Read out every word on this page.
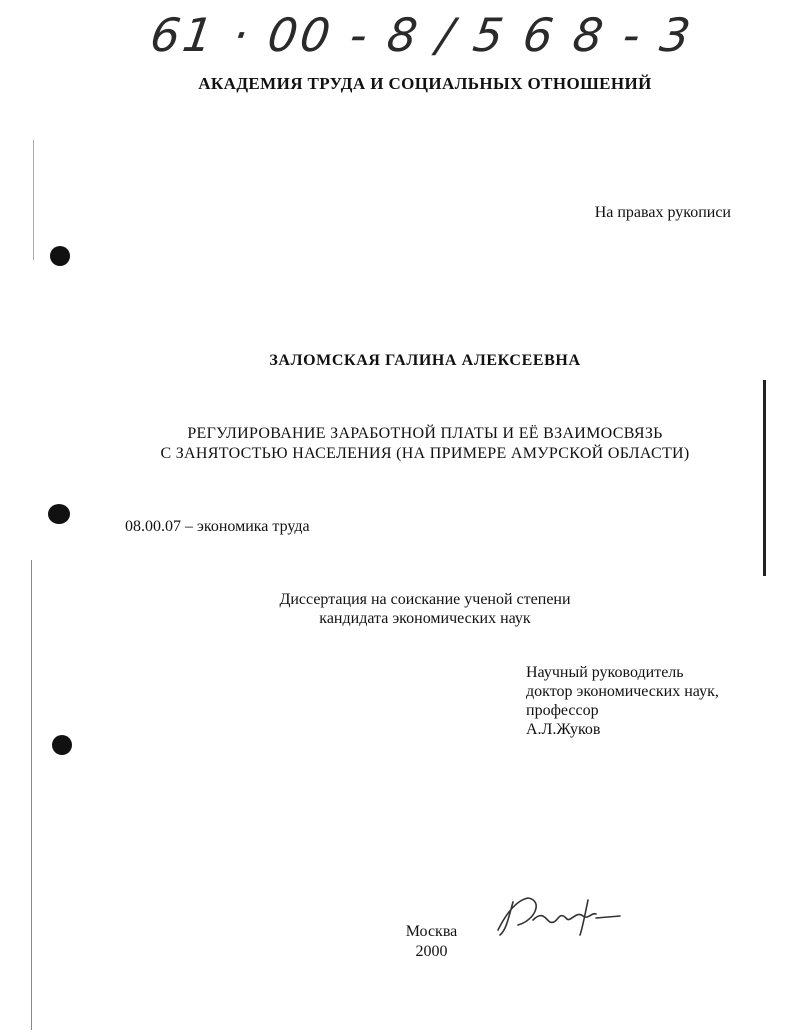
61 · 00 - 8 / 5 6 8 - 3
АКАДЕМИЯ ТРУДА И СОЦИАЛЬНЫХ ОТНОШЕНИЙ
На правах рукописи
ЗАЛОМСКАЯ ГАЛИНА АЛЕКСЕЕВНА
РЕГУЛИРОВАНИЕ ЗАРАБОТНОЙ ПЛАТЫ И ЕЁ ВЗАИМОСВЯЗЬ
С ЗАНЯТОСТЬЮ НАСЕЛЕНИЯ (НА ПРИМЕРЕ АМУРСКОЙ ОБЛАСТИ)
08.00.07 – экономика труда
Диссертация на соискание ученой степени
кандидата экономических наук
Научный руководитель
доктор экономических наук,
профессор
А.Л.Жуков
Москва
2000
